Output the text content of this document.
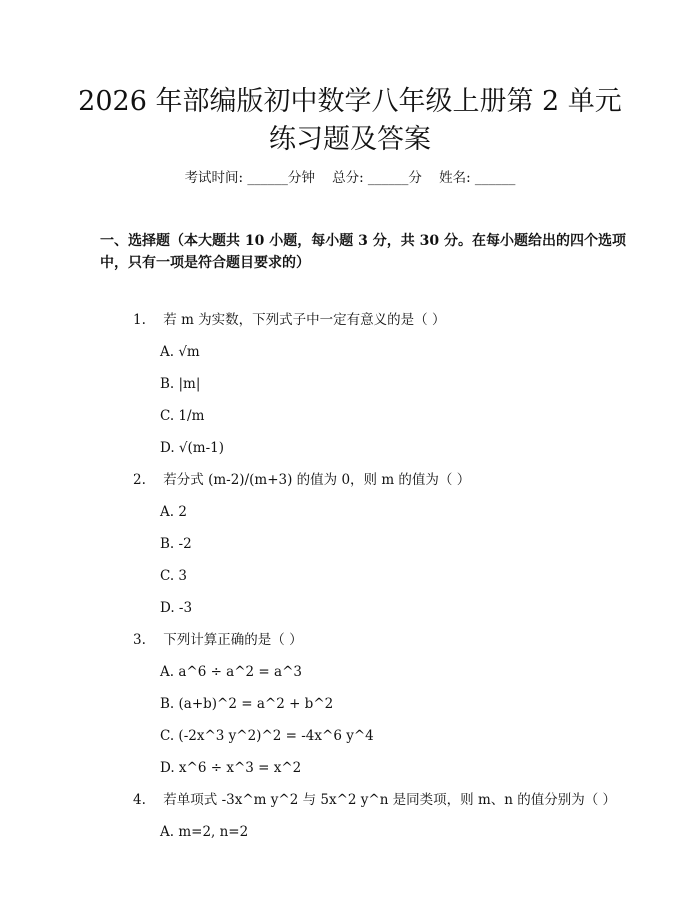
2026 年部编版初中数学八年级上册第 2 单元
练习题及答案
考试时间: ______分钟    总分: ______分    姓名: ______
一、选择题（本大题共 10 小题，每小题 3 分，共 30 分。在每小题给出的四个选项中，只有一项是符合题目要求的）
1. 若 m 为实数，下列式子中一定有意义的是（ ）
A. √m
B. |m|
C. 1/m
D. √(m-1)
2. 若分式 (m-2)/(m+3) 的值为 0，则 m 的值为（ ）
A. 2
B. -2
C. 3
D. -3
3. 下列计算正确的是（ ）
A. a^6 ÷ a^2 = a^3
B. (a+b)^2 = a^2 + b^2
C. (-2x^3 y^2)^2 = -4x^6 y^4
D. x^6 ÷ x^3 = x^2
4. 若单项式 -3x^m y^2 与 5x^2 y^n 是同类项，则 m、n 的值分别为（ ）
A. m=2, n=2
